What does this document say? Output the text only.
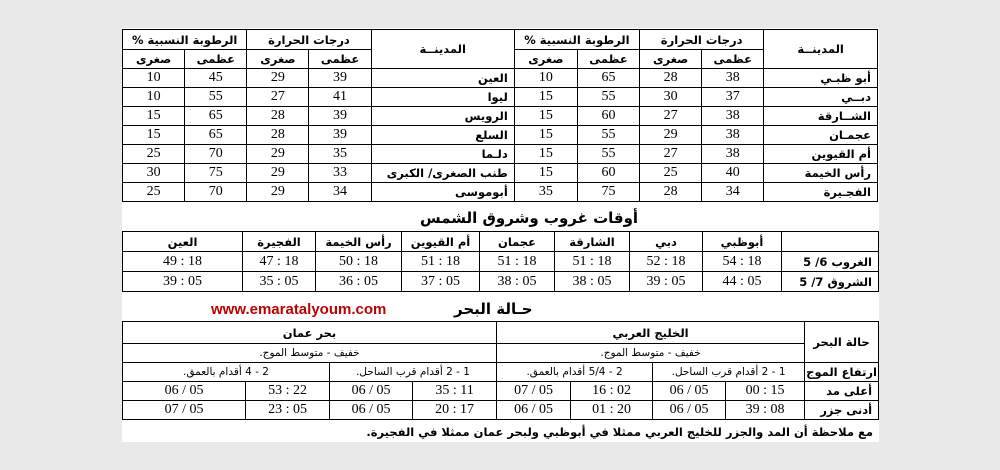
المدينــة	درجات الحرارة		الرطوبة النسبية %		المدينــة	درجات الحرارة		الرطوبة النسبية %	
	عظمى	صغرى	عظمى	صغرى		عظمى	صغرى	عظمى	صغرى
أبو ظبـي	38	28	65	10	العين	39	29	45	10
دبــي	37	30	55	15	ليوا	41	27	55	10
الشــارقة	38	27	60	15	الرويس	39	28	65	15
عجمـان	38	29	55	15	السلع	39	28	65	15
أم القيوين	38	27	55	15	دلـما	35	29	70	25
رأس الخيمة	40	25	60	15	طنب الصغرى/ الكبرى	33	29	75	30
الفجـيرة	34	28	75	35	أبوموسى	34	29	70	25
أوقات غروب وشروق الشمس
	أبوظبي	دبي	الشارقة	عجمان	أم القيوين	رأس الخيمة	الفجيرة	العين
الغروب 6/ 5	18 : 54	18 : 52	18 : 51	18 : 51	18 : 51	18 : 50	18 : 47	18 : 49
الشروق 7/ 5	05 : 44	05 : 39	05 : 38	05 : 38	05 : 37	05 : 36	05 : 35	05 : 39
حـالة البحر
www.emaratalyoum.com
حالة البحر	الخليج العربي				بحر عمان			
	خفيف - متوسط الموج.				خفيف - متوسط الموج.			
ارتفاع الموج	1 - 2 أقدام قرب الساحل.		2 - 5/4 أقدام بالعمق.		1 - 2 أقدام قرب الساحل.		2 - 4 أقدام بالعمق.	
أعلى مد	15 : 00	05 / 06	02 : 16	05 / 07	11 : 35	05 / 06	22 : 53	05 / 06
أدنى جزر	08 : 39	05 / 06	20 : 01	05 / 06	17 : 20	05 / 06	05 : 23	05 / 07
مع ملاحظة أن المد والجزر للخليج العربي ممثلا في أبوظبي ولبحر عمان ممثلا في الفجيرة.
